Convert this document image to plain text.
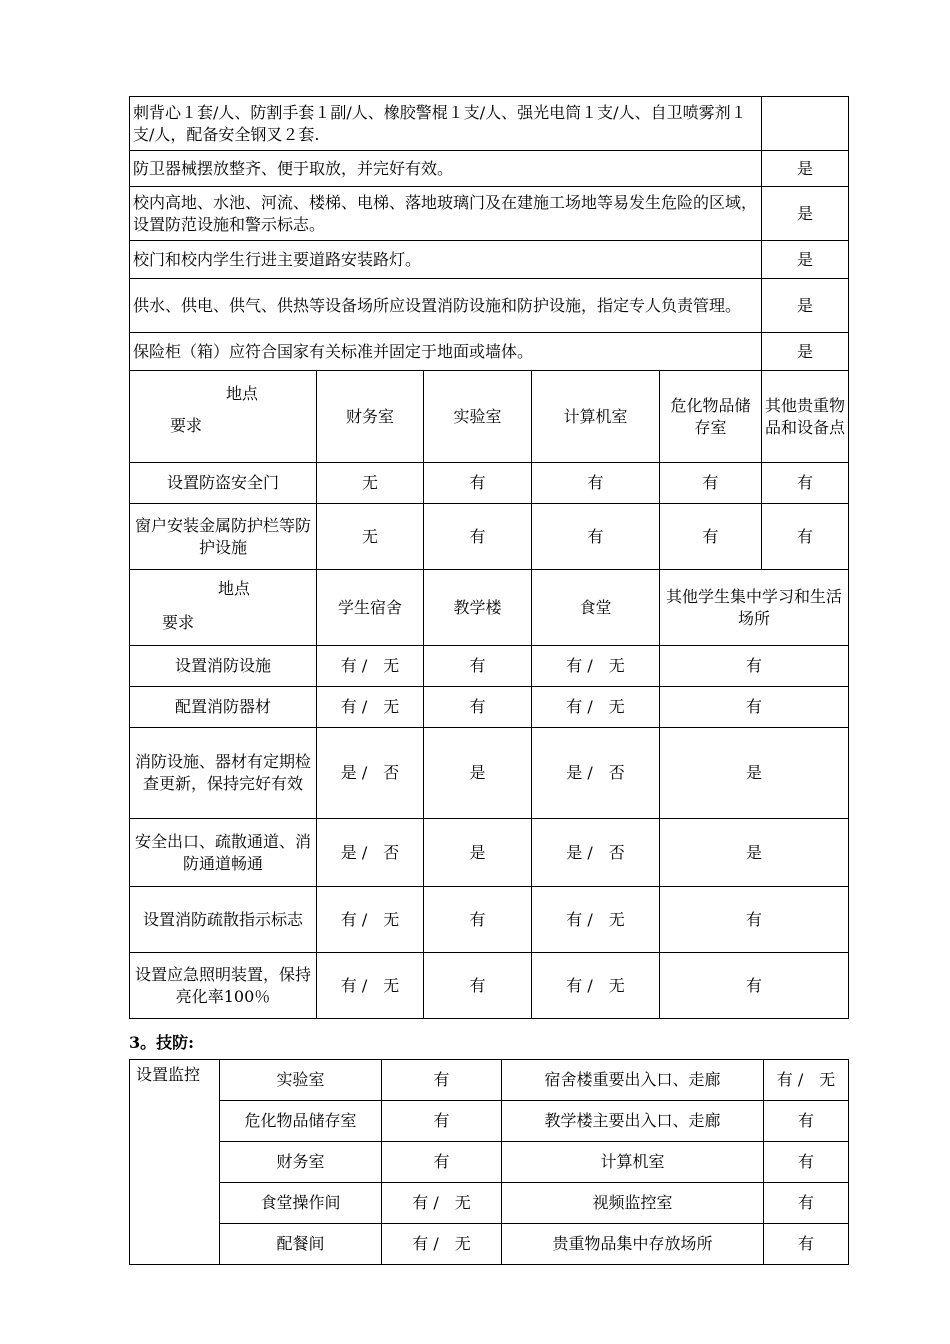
刺背心１套/人、防割手套１副/人、橡胶警棍１支/人、强光电筒１支/人、自卫喷雾剂１支/人，配备安全钢叉２套.	
防卫器械摆放整齐、便于取放，并完好有效。	是
校内高地、水池、河流、楼梯、电梯、落地玻璃门及在建施工场地等易发生危险的区域，设置防范设施和警示标志。	是
校门和校内学生行进主要道路安装路灯。	是
供水、供电、供气、供热等设备场所应设置消防设施和防护设施，指定专人负责管理。	是
保险柜（箱）应符合国家有关标准并固定于地面或墙体。	是
地点
要求	财务室	实验室	计算机室	危化物品储存室	其他贵重物品和设备点
设置防盗安全门	无	有	有	有	有
窗户安装金属防护栏等防护设施	无	有	有	有	有
地点
要求	学生宿舍	教学楼	食堂	其他学生集中学习和生活场所
设置消防设施	有 /　无	有	有 /　无	有
配置消防器材	有 /　无	有	有 /　无	有
消防设施、器材有定期检查更新，保持完好有效	是 /　否	是	是 /　否	是
安全出口、疏散通道、消防通道畅通	是 /　否	是	是 /　否	是
设置消防疏散指示标志	有 /　无	有	有 /　无	有
设置应急照明装置，保持亮化率100％	有 /　无	有	有 /　无	有
3。技防:
设置监控	实验室	有	宿舍楼重要出入口、走廊	有 /　无
	危化物品储存室	有	教学楼主要出入口、走廊	有
	财务室	有	计算机室	有
	食堂操作间	有 /　无	视频监控室	有
	配餐间	有 /　无	贵重物品集中存放场所	有
